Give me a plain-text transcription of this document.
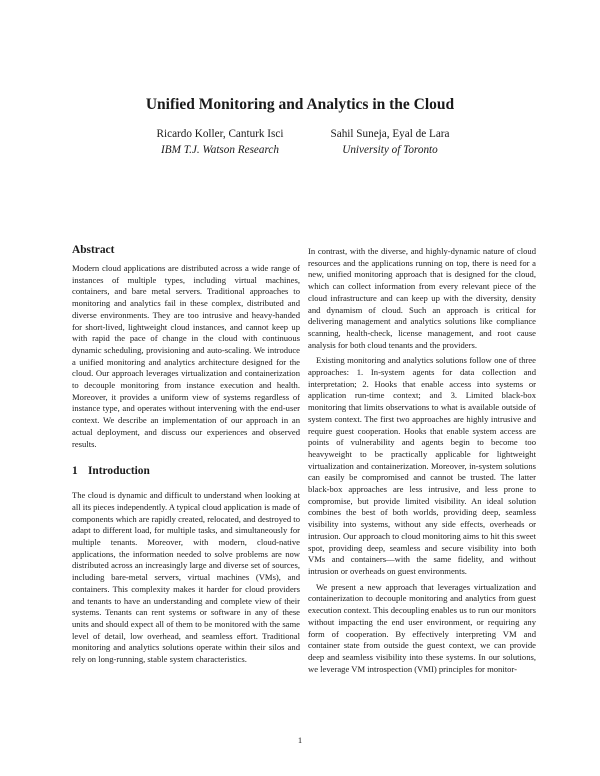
Unified Monitoring and Analytics in the Cloud
Ricardo Koller, Canturk Isci
IBM T.J. Watson Research
Sahil Suneja, Eyal de Lara
University of Toronto
Abstract

Modern cloud applications are distributed across a wide range of instances of multiple types, including virtual machines, containers, and bare metal servers. Traditional approaches to monitoring and analytics fail in these complex, distributed and diverse environments. They are too intrusive and heavy-handed for short-lived, lightweight cloud instances, and cannot keep up with rapid the pace of change in the cloud with continuous dynamic scheduling, provisioning and auto-scaling. We introduce a unified monitoring and analytics architecture designed for the cloud. Our approach leverages virtualization and containerization to decouple monitoring from instance execution and health. Moreover, it provides a uniform view of systems regardless of instance type, and operates without intervening with the end-user context. We describe an implementation of our approach in an actual deployment, and discuss our experiences and observed results.

1 Introduction

The cloud is dynamic and difficult to understand when looking at all its pieces independently. A typical cloud application is made of components which are rapidly created, relocated, and destroyed to adapt to different load, for multiple tasks, and simultaneously for multiple tenants. Moreover, with modern, cloud-native applications, the information needed to solve problems are now distributed across an increasingly large and diverse set of sources, including bare-metal servers, virtual machines (VMs), and containers. This complexity makes it harder for cloud providers and tenants to have an understanding and complete view of their systems. Tenants can rent systems or software in any of these units and should expect all of them to be monitored with the same level of detail, low overhead, and seamless effort. Traditional monitoring and analytics solutions operate within their silos and rely on long-running, stable system characteristics.

In contrast, with the diverse, and highly-dynamic nature of cloud resources and the applications running on top, there is need for a new, unified monitoring approach that is designed for the cloud, which can collect information from every relevant piece of the cloud infrastructure and can keep up with the diversity, density and dynamism of cloud. Such an approach is critical for delivering management and analytics solutions like compliance scanning, health-check, license management, and root cause analysis for both cloud tenants and the providers.

Existing monitoring and analytics solutions follow one of three approaches: 1. In-system agents for data collection and interpretation; 2. Hooks that enable access into systems or application run-time context; and 3. Limited black-box monitoring that limits observations to what is available outside of system context. The first two approaches are highly intrusive and require guest cooperation. Hooks that enable system access are points of vulnerability and agents begin to become too heavyweight to be practically applicable for lightweight virtualization and containerization. Moreover, in-system solutions can easily be compromised and cannot be trusted. The latter black-box approaches are less intrusive, and less prone to compromise, but provide limited visibility. An ideal solution combines the best of both worlds, providing deep, seamless visibility into systems, without any side effects, overheads or intrusion. Our approach to cloud monitoring aims to hit this sweet spot, providing deep, seamless and secure visibility into both VMs and containers—with the same fidelity, and without intrusion or overheads on guest environments.

We present a new approach that leverages virtualization and containerization to decouple monitoring and analytics from guest execution context. This decoupling enables us to run our monitors without impacting the end user environment, or requiring any form of cooperation. By effectively interpreting VM and container state from outside the guest context, we can provide deep and seamless visibility into these systems. In our solutions, we leverage VM introspection (VMI) principles for monitor-

1
